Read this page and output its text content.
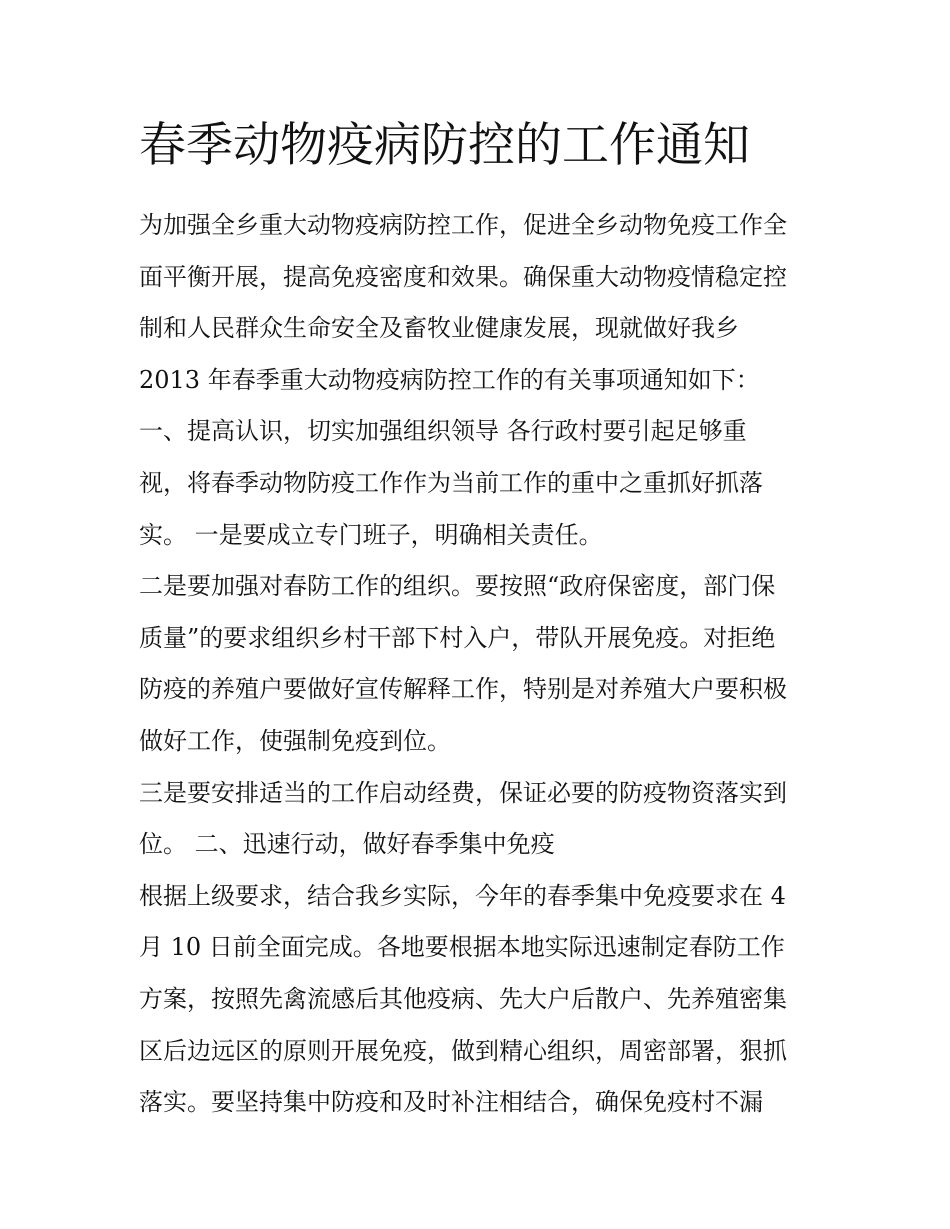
春季动物疫病防控的工作通知
为加强全乡重大动物疫病防控工作，促进全乡动物免疫工作全
面平衡开展，提高免疫密度和效果。确保重大动物疫情稳定控
制和人民群众生命安全及畜牧业健康发展，现就做好我乡
2013 年春季重大动物疫病防控工作的有关事项通知如下：
一、提高认识，切实加强组织领导 各行政村要引起足够重
视，将春季动物防疫工作作为当前工作的重中之重抓好抓落
实。 一是要成立专门班子，明确相关责任。
二是要加强对春防工作的组织。要按照“政府保密度，部门保
质量”的要求组织乡村干部下村入户，带队开展免疫。对拒绝
防疫的养殖户要做好宣传解释工作，特别是对养殖大户要积极
做好工作，使强制免疫到位。
三是要安排适当的工作启动经费，保证必要的防疫物资落实到
位。 二、迅速行动，做好春季集中免疫
根据上级要求，结合我乡实际，今年的春季集中免疫要求在 4
月 10 日前全面完成。各地要根据本地实际迅速制定春防工作
方案，按照先禽流感后其他疫病、先大户后散户、先养殖密集
区后边远区的原则开展免疫，做到精心组织，周密部署，狠抓
落实。要坚持集中防疫和及时补注相结合，确保免疫村不漏
